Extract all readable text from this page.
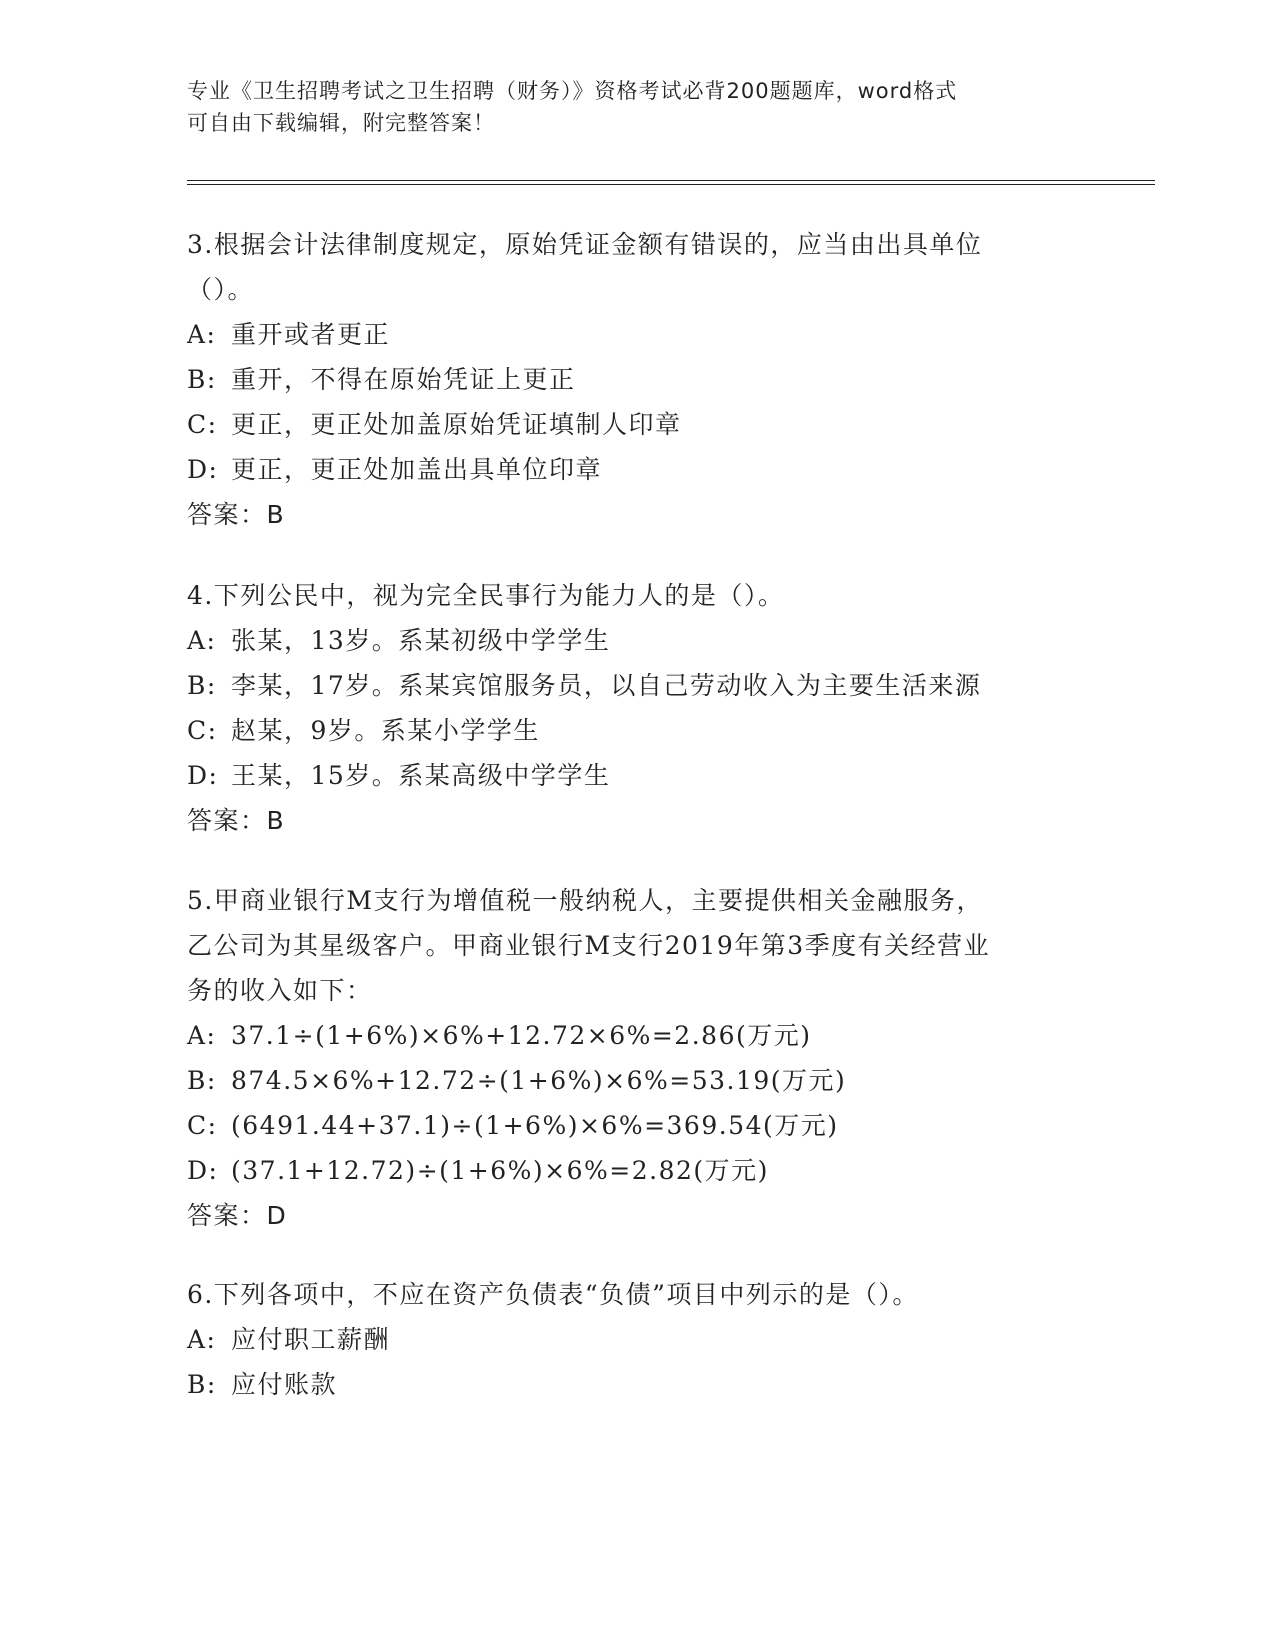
专业《卫生招聘考试之卫生招聘（财务）》资格考试必背200题题库，word格式
可自由下载编辑，附完整答案！
3.根据会计法律制度规定，原始凭证金额有错误的，应当由出具单位
（）。
A: 重开或者更正
B: 重开，不得在原始凭证上更正
C: 更正，更正处加盖原始凭证填制人印章
D: 更正，更正处加盖出具单位印章
答案：B
4.下列公民中，视为完全民事行为能力人的是（）。
A: 张某，13岁。系某初级中学学生
B: 李某，17岁。系某宾馆服务员，以自己劳动收入为主要生活来源
C: 赵某，9岁。系某小学学生
D: 王某，15岁。系某高级中学学生
答案：B
5.甲商业银行M支行为增值税一般纳税人，主要提供相关金融服务，
乙公司为其星级客户。甲商业银行M支行2019年第3季度有关经营业
务的收入如下：
A: 37.1÷(1+6%)×6%+12.72×6%=2.86(万元)
B: 874.5×6%+12.72÷(1+6%)×6%=53.19(万元)
C: (6491.44+37.1)÷(1+6%)×6%=369.54(万元)
D: (37.1+12.72)÷(1+6%)×6%=2.82(万元)
答案：D
6.下列各项中，不应在资产负债表“负债”项目中列示的是（）。
A: 应付职工薪酬
B: 应付账款
